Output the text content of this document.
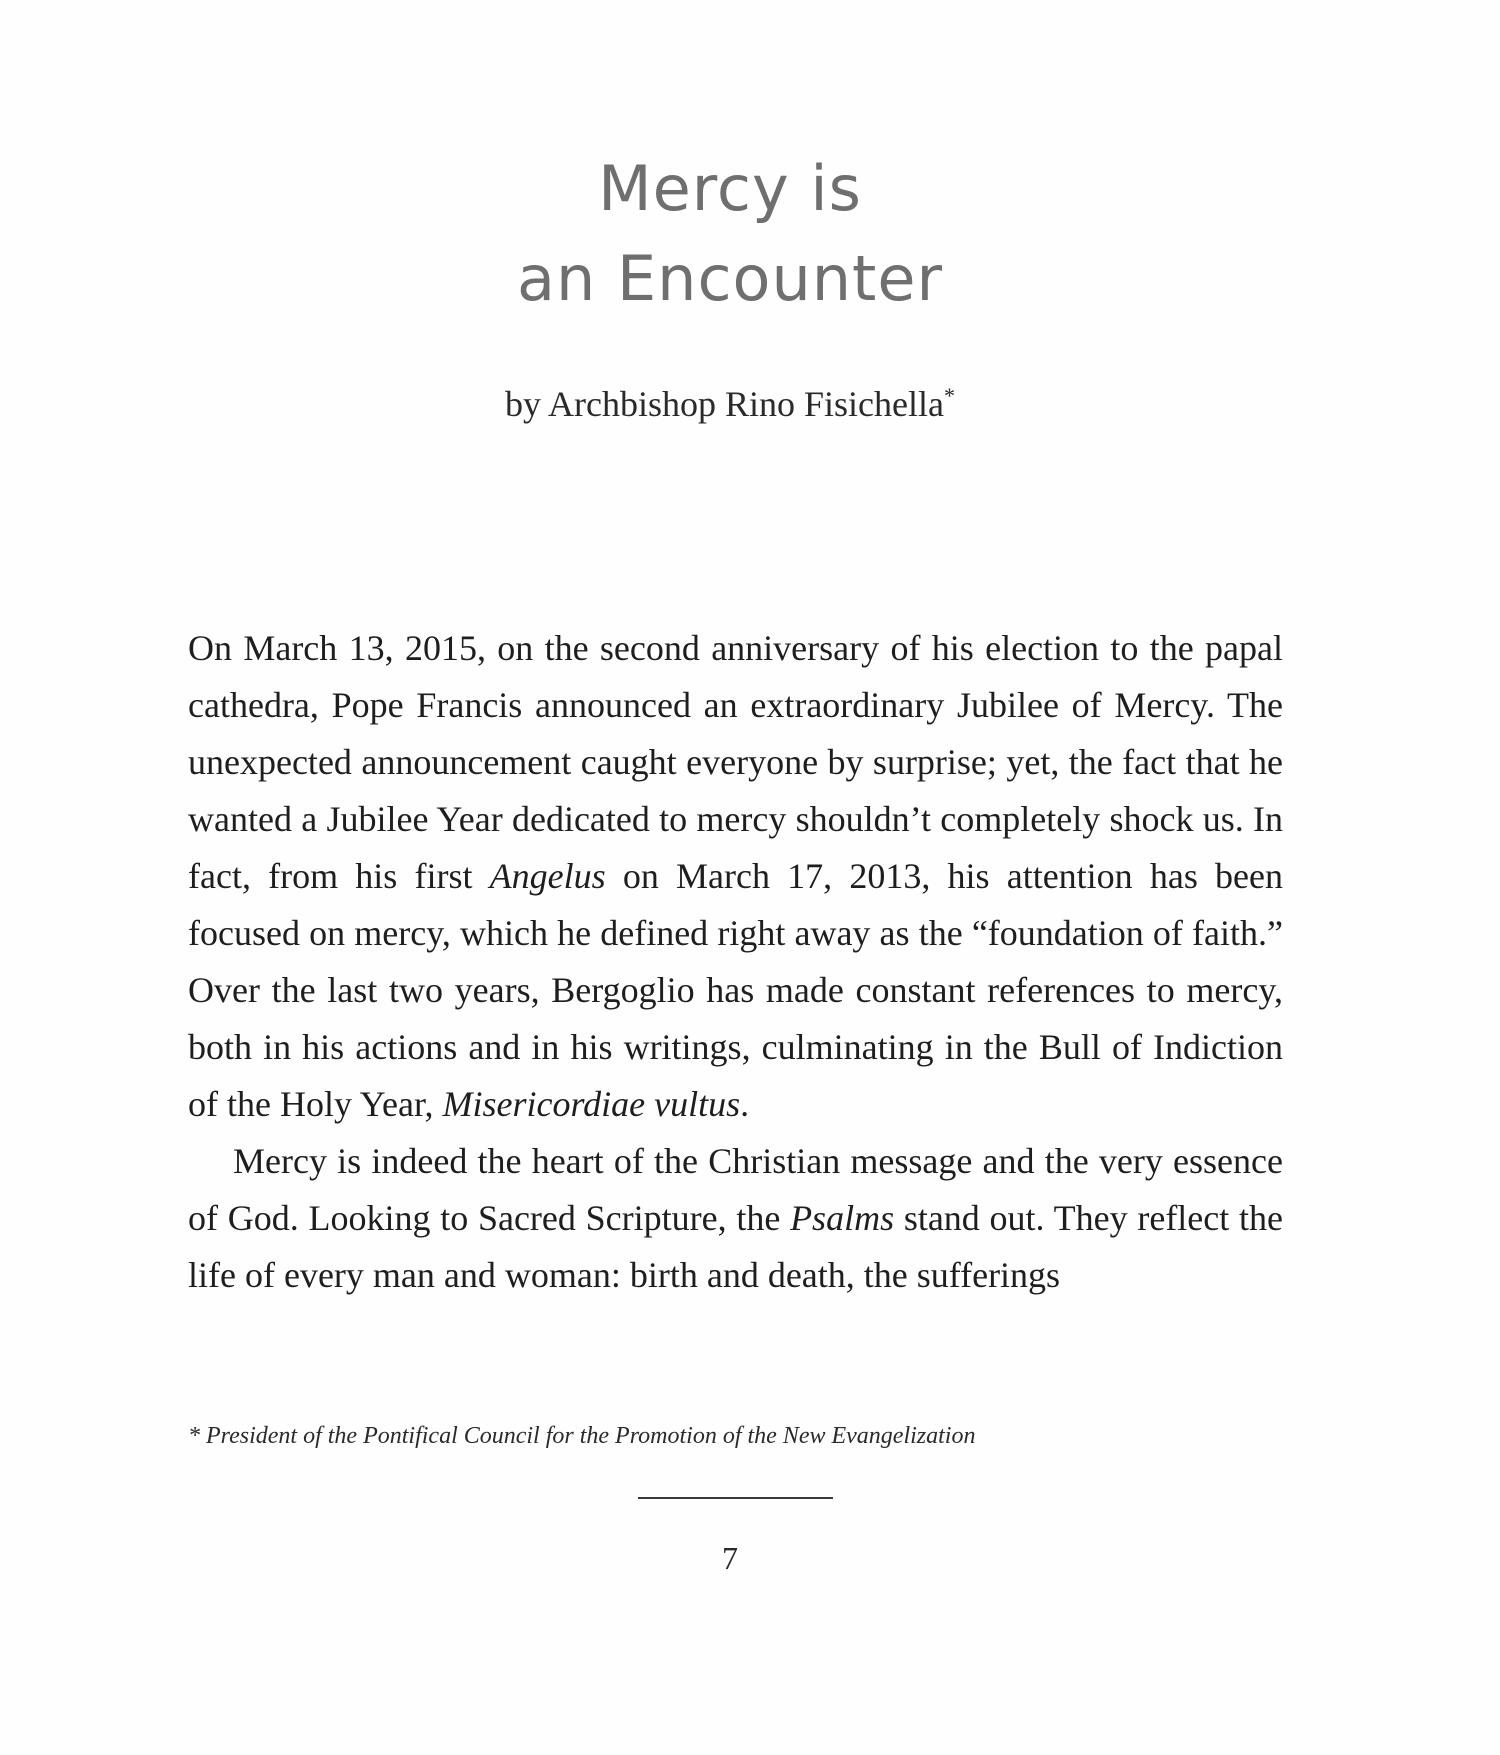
Mercy is
an Encounter

by Archbishop Rino Fisichella*

On March 13, 2015, on the second anniversary of his election to the papal cathedra, Pope Francis announced an extraordinary Jubilee of Mercy. The unexpected announcement caught everyone by surprise; yet, the fact that he wanted a Jubilee Year dedicated to mercy shouldn’t completely shock us. In fact, from his first Angelus on March 17, 2013, his attention has been focused on mercy, which he defined right away as the “foundation of faith.” Over the last two years, Bergoglio has made constant references to mercy, both in his actions and in his writings, culminating in the Bull of Indiction of the Holy Year, Misericordiae vultus.

Mercy is indeed the heart of the Christian message and the very essence of God. Looking to Sacred Scripture, the Psalms stand out. They reflect the life of every man and woman: birth and death, the sufferings

* President of the Pontifical Council for the Promotion of the New Evangelization

7
